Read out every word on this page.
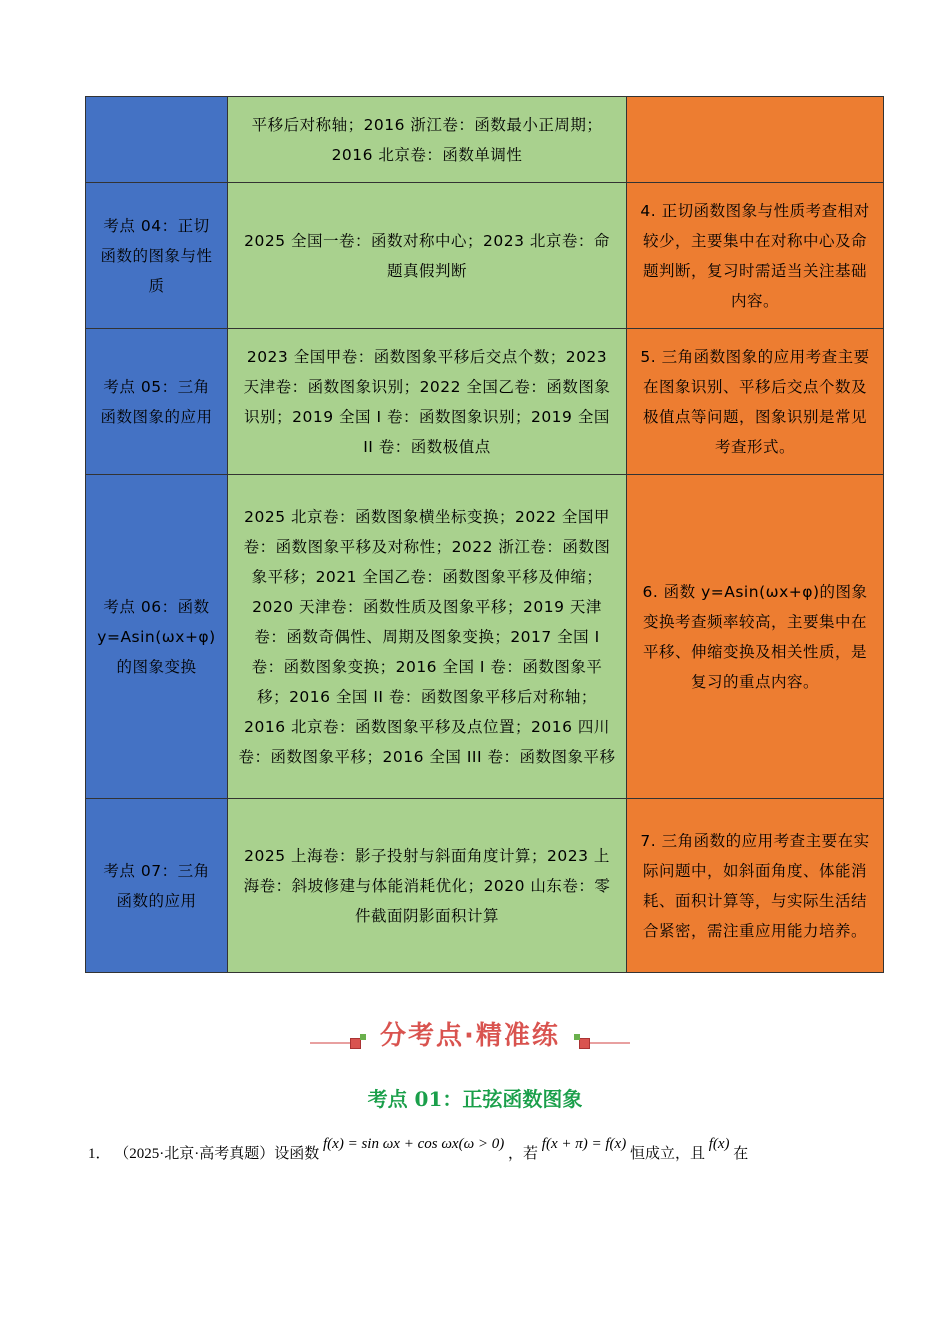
	平移后对称轴；2016 浙江卷：函数最小正周期；2016 北京卷：函数单调性	
考点 04：正切函数的图象与性质	2025 全国一卷：函数对称中心；2023 北京卷：命题真假判断	4. 正切函数图象与性质考查相对较少，主要集中在对称中心及命题判断，复习时需适当关注基础内容。
考点 05：三角函数图象的应用	2023 全国甲卷：函数图象平移后交点个数；2023 天津卷：函数图象识别；2022 全国乙卷：函数图象识别；2019 全国 I 卷：函数图象识别；2019 全国 II 卷：函数极值点	5. 三角函数图象的应用考查主要在图象识别、平移后交点个数及极值点等问题，图象识别是常见考查形式。
考点 06：函数 y=Asin(ωx+φ)的图象变换	2025 北京卷：函数图象横坐标变换；2022 全国甲卷：函数图象平移及对称性；2022 浙江卷：函数图象平移；2021 全国乙卷：函数图象平移及伸缩；2020 天津卷：函数性质及图象平移；2019 天津卷：函数奇偶性、周期及图象变换；2017 全国 I 卷：函数图象变换；2016 全国 I 卷：函数图象平移；2016 全国 II 卷：函数图象平移后对称轴；2016 北京卷：函数图象平移及点位置；2016 四川卷：函数图象平移；2016 全国 III 卷：函数图象平移	6. 函数 y=Asin(ωx+φ)的图象变换考查频率较高，主要集中在平移、伸缩变换及相关性质，是复习的重点内容。
考点 07：三角函数的应用	2025 上海卷：影子投射与斜面角度计算；2023 上海卷：斜坡修建与体能消耗优化；2020 山东卷：零件截面阴影面积计算	7. 三角函数的应用考查主要在实际问题中，如斜面角度、体能消耗、面积计算等，与实际生活结合紧密，需注重应用能力培养。
分考点·精准练
考点 01：正弦函数图象
1． （2025·北京·高考真题）设函数 f(x) = sin ωx + cos ωx(ω > 0) ，若 f(x + π) = f(x) 恒成立，且 f(x) 在
